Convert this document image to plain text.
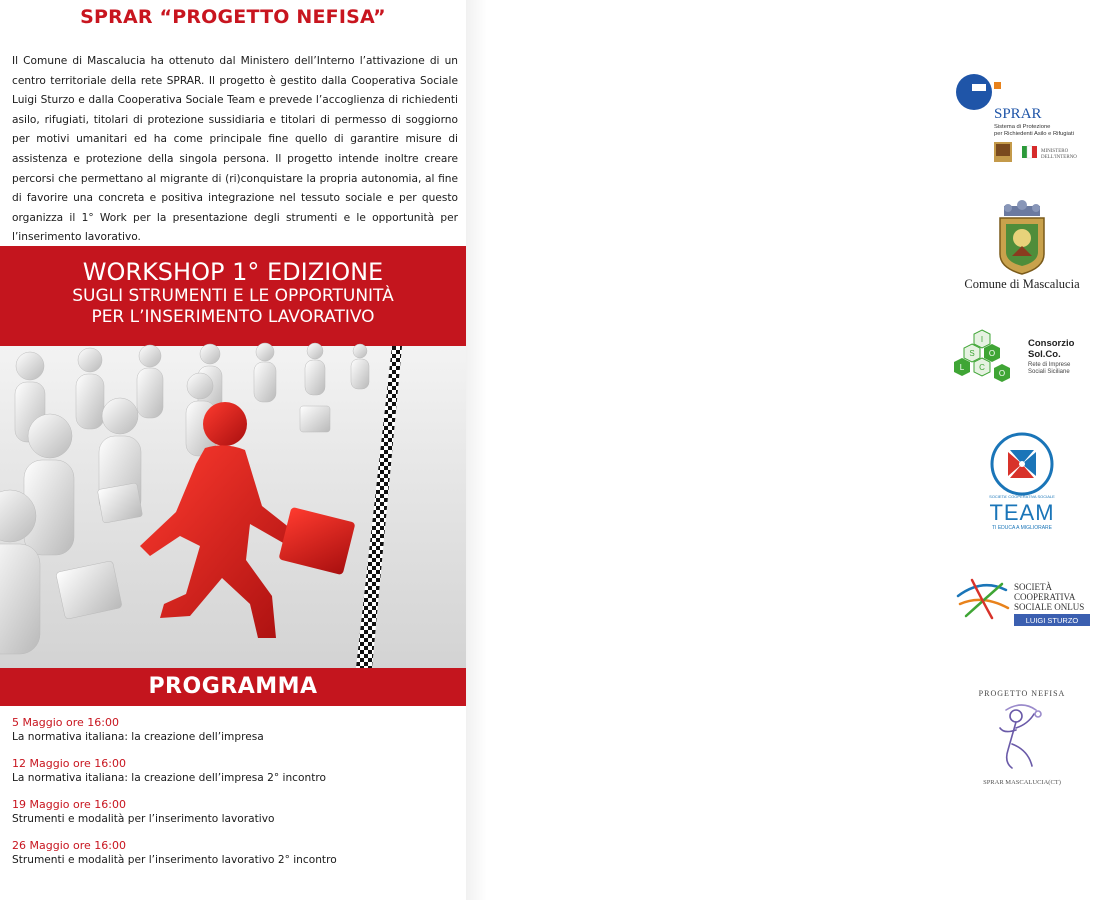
SPRAR “PROGETTO NEFISA”
Il Comune di Mascalucia ha ottenuto dal Ministero dell’Interno l’attivazione di un centro territoriale della rete SPRAR. Il progetto è gestito dalla Cooperativa Sociale Luigi Sturzo e dalla Cooperativa Sociale Team e prevede l’accoglienza di richiedenti asilo, rifugiati, titolari di protezione sussidiaria e titolari di permesso di soggiorno per motivi umanitari ed ha come principale fine quello di garantire misure di assistenza e protezione della singola persona. Il progetto intende inoltre creare percorsi che permettano al migrante di (ri)conquistare la propria autonomia, al fine di favorire una concreta e positiva integrazione nel tessuto sociale e per questo organizza il 1° Work per la presentazione degli strumenti e le opportunità per l’inserimento lavorativo.
WORKSHOP 1° EDIZIONE
SUGLI STRUMENTI E LE OPPORTUNITÀ
PER L’INSERIMENTO LAVORATIVO
PROGRAMMA
5 Maggio ore 16:00
La normativa italiana: la creazione dell’impresa
12 Maggio ore 16:00
La normativa italiana: la creazione dell’impresa 2° incontro
19 Maggio ore 16:00
Strumenti e modalità per l’inserimento lavorativo
26 Maggio ore 16:00
Strumenti e modalità per l’inserimento lavorativo 2° incontro
SPRAR
Sistema di Protezione
per Richiedenti Asilo e Rifugiati
MINISTERO
DELL’INTERNO
Comune di Mascalucia
I
S O
L C
O
Consorzio
Sol.Co.
Rete di Imprese
Sociali Siciliane
SOCIETA' COOPERATIVA SOCIALE
TEAM
TI EDUCA A MIGLIORARE
SOCIETÀ
COOPERATIVA
SOCIALE ONLUS
LUIGI STURZO
PROGETTO NEFISA
SPRAR MASCALUCIA(CT)
